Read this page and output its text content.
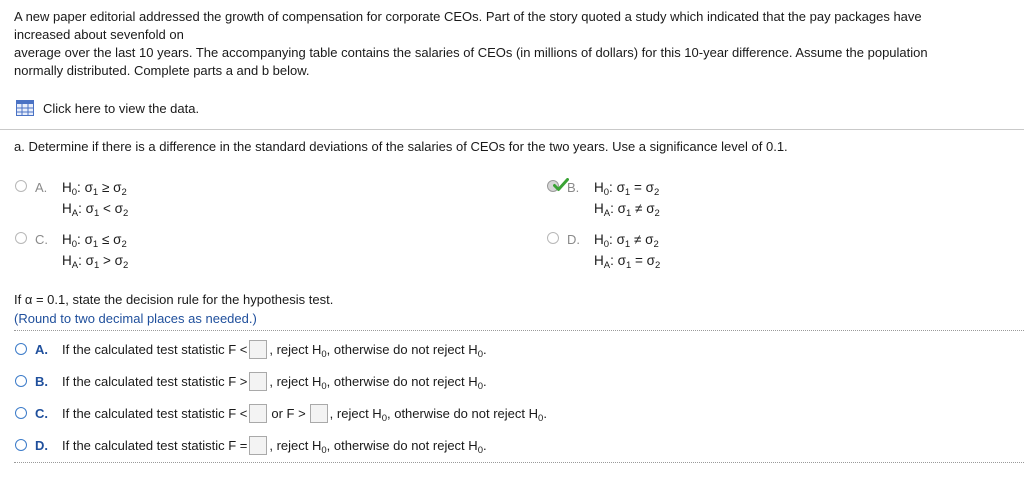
A new paper editorial addressed the growth of compensation for corporate CEOs. Part of the story quoted a study which indicated that the pay packages have
increased about sevenfold on
average over the last 10 years. The accompanying table contains the salaries of CEOs (in millions of dollars) for this 10-year difference. Assume the population
normally distributed. Complete parts a and b below.
Click here to view the data.
a. Determine if there is a difference in the standard deviations of the salaries of CEOs for the two years. Use a significance level of 0.1.
A. $H_0$: $\sigma_1 \ge \sigma_2$
$H_A$: $\sigma_1 < \sigma_2$
B. $H_0$: $\sigma_1 = \sigma_2$
$H_A$: $\sigma_1 \ne \sigma_2$
C. $H_0$: $\sigma_1 \le \sigma_2$
$H_A$: $\sigma_1 > \sigma_2$
D. $H_0$: $\sigma_1 \ne \sigma_2$
$H_A$: $\sigma_1 = \sigma_2$
If α = 0.1, state the decision rule for the hypothesis test.
(Round to two decimal places as needed.)
A.	If the calculated test statistic F < , reject $H_0$, otherwise do not reject $H_0$.
B.	If the calculated test statistic F > , reject $H_0$, otherwise do not reject $H_0$.
C.	If the calculated test statistic F < or F > , reject $H_0$, otherwise do not reject $H_0$.
D.	If the calculated test statistic F = , reject $H_0$, otherwise do not reject $H_0$.
